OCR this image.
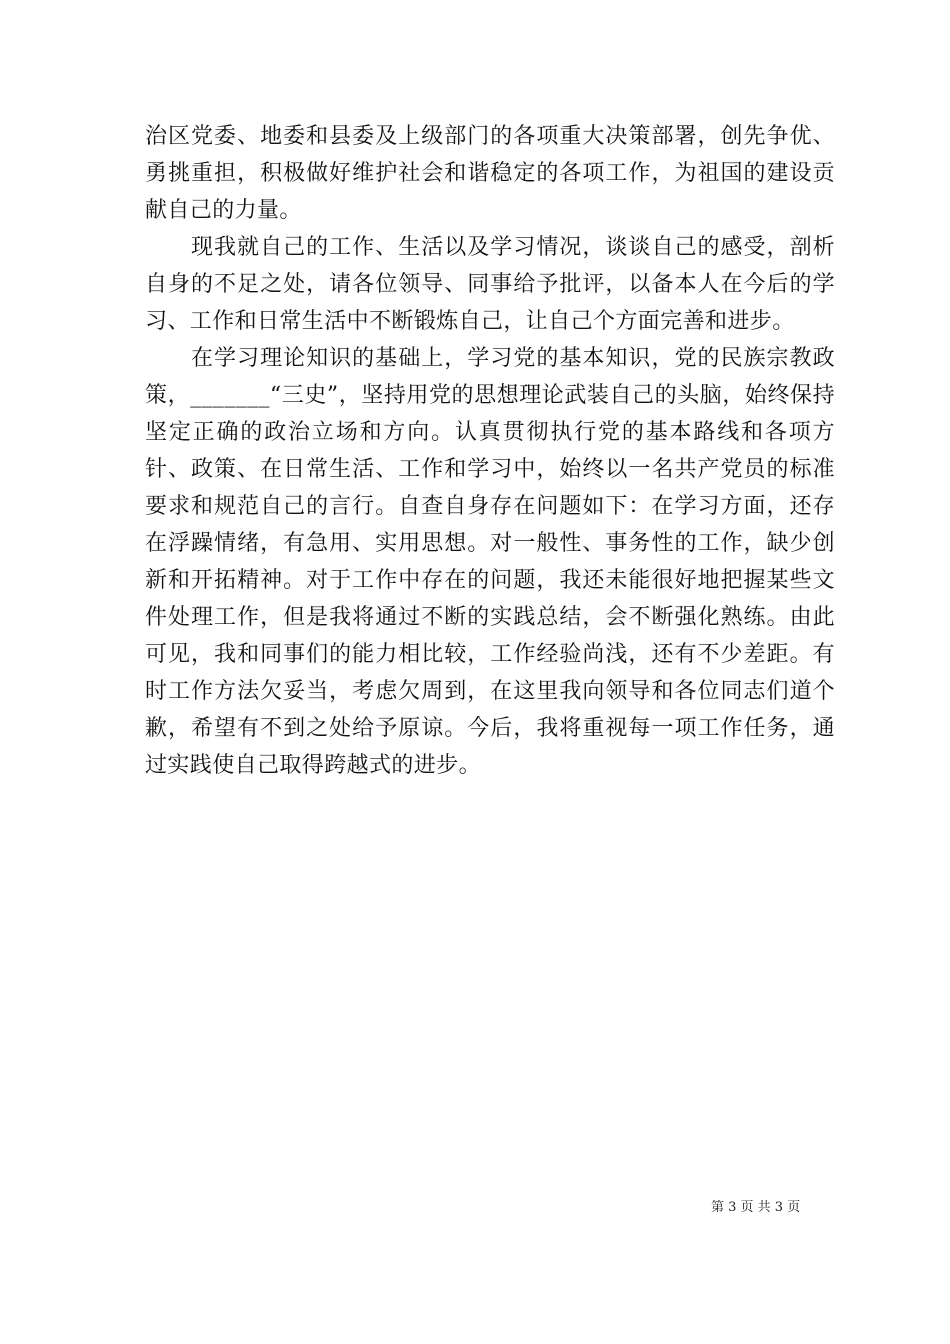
治区党委、地委和县委及上级部门的各项重大决策部署，创先争优、勇挑重担，积极做好维护社会和谐稳定的各项工作，为祖国的建设贡献自己的力量。

现我就自己的工作、生活以及学习情况，谈谈自己的感受，剖析自身的不足之处，请各位领导、同事给予批评，以备本人在今后的学习、工作和日常生活中不断锻炼自己，让自己个方面完善和进步。

在学习理论知识的基础上，学习党的基本知识，党的民族宗教政策，_______“三史”，坚持用党的思想理论武装自己的头脑，始终保持坚定正确的政治立场和方向。认真贯彻执行党的基本路线和各项方针、政策、在日常生活、工作和学习中，始终以一名共产党员的标准要求和规范自己的言行。自查自身存在问题如下：在学习方面，还存在浮躁情绪，有急用、实用思想。对一般性、事务性的工作，缺少创新和开拓精神。对于工作中存在的问题，我还未能很好地把握某些文件处理工作，但是我将通过不断的实践总结，会不断强化熟练。由此可见，我和同事们的能力相比较，工作经验尚浅，还有不少差距。有时工作方法欠妥当，考虑欠周到，在这里我向领导和各位同志们道个歉，希望有不到之处给予原谅。今后，我将重视每一项工作任务，通过实践使自己取得跨越式的进步。

第 3 页 共 3 页
